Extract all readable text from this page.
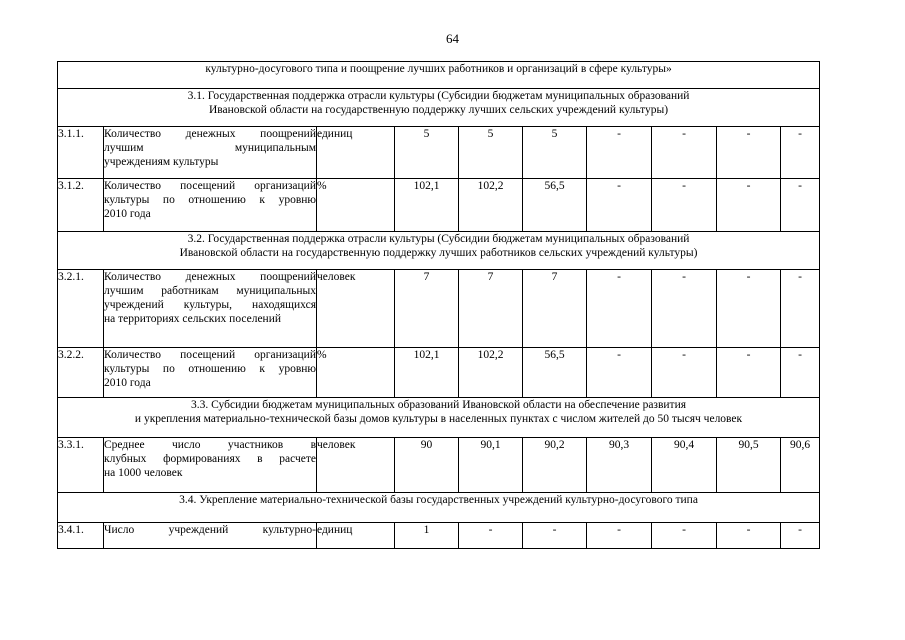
64
культурно-досугового типа и поощрение лучших работников и организаций в сфере культуры»									

3.1. Государственная поддержка отрасли культуры (Субсидии бюджетам муниципальных образований
Ивановской области на государственную поддержку лучших сельских учреждений культуры)									

3.1.1.	Количество денежных поощрений
лучшим муниципальным
учреждениям культуры	единиц	5	5	5	-	-	-	-
3.1.2.	Количество посещений организаций
культуры по отношению к уровню
2010 года	%	102,1	102,2	56,5	-	-	-	-

3.2. Государственная поддержка отрасли культуры (Субсидии бюджетам муниципальных образований
Ивановской области на государственную поддержку лучших работников сельских учреждений культуры)									

3.2.1.	Количество денежных поощрений
лучшим работникам муниципальных
учреждений культуры, находящихся
на территориях сельских поселений	человек	7	7	7	-	-	-	-
3.2.2.	Количество посещений организаций
культуры по отношению к уровню
2010 года	%	102,1	102,2	56,5	-	-	-	-

3.3. Субсидии бюджетам муниципальных образований Ивановской области на обеспечение развития
и укрепления материально-технической базы домов культуры в населенных пунктах с числом жителей до 50 тысяч человек									

3.3.1.	Среднее число участников в
клубных формированиях в расчете
на 1000 человек	человек	90	90,1	90,2	90,3	90,4	90,5	90,6

3.4. Укрепление материально-технической базы государственных учреждений культурно-досугового типа									

3.4.1.	Число учреждений культурно-	единиц	1	-	-	-	-	-	-
